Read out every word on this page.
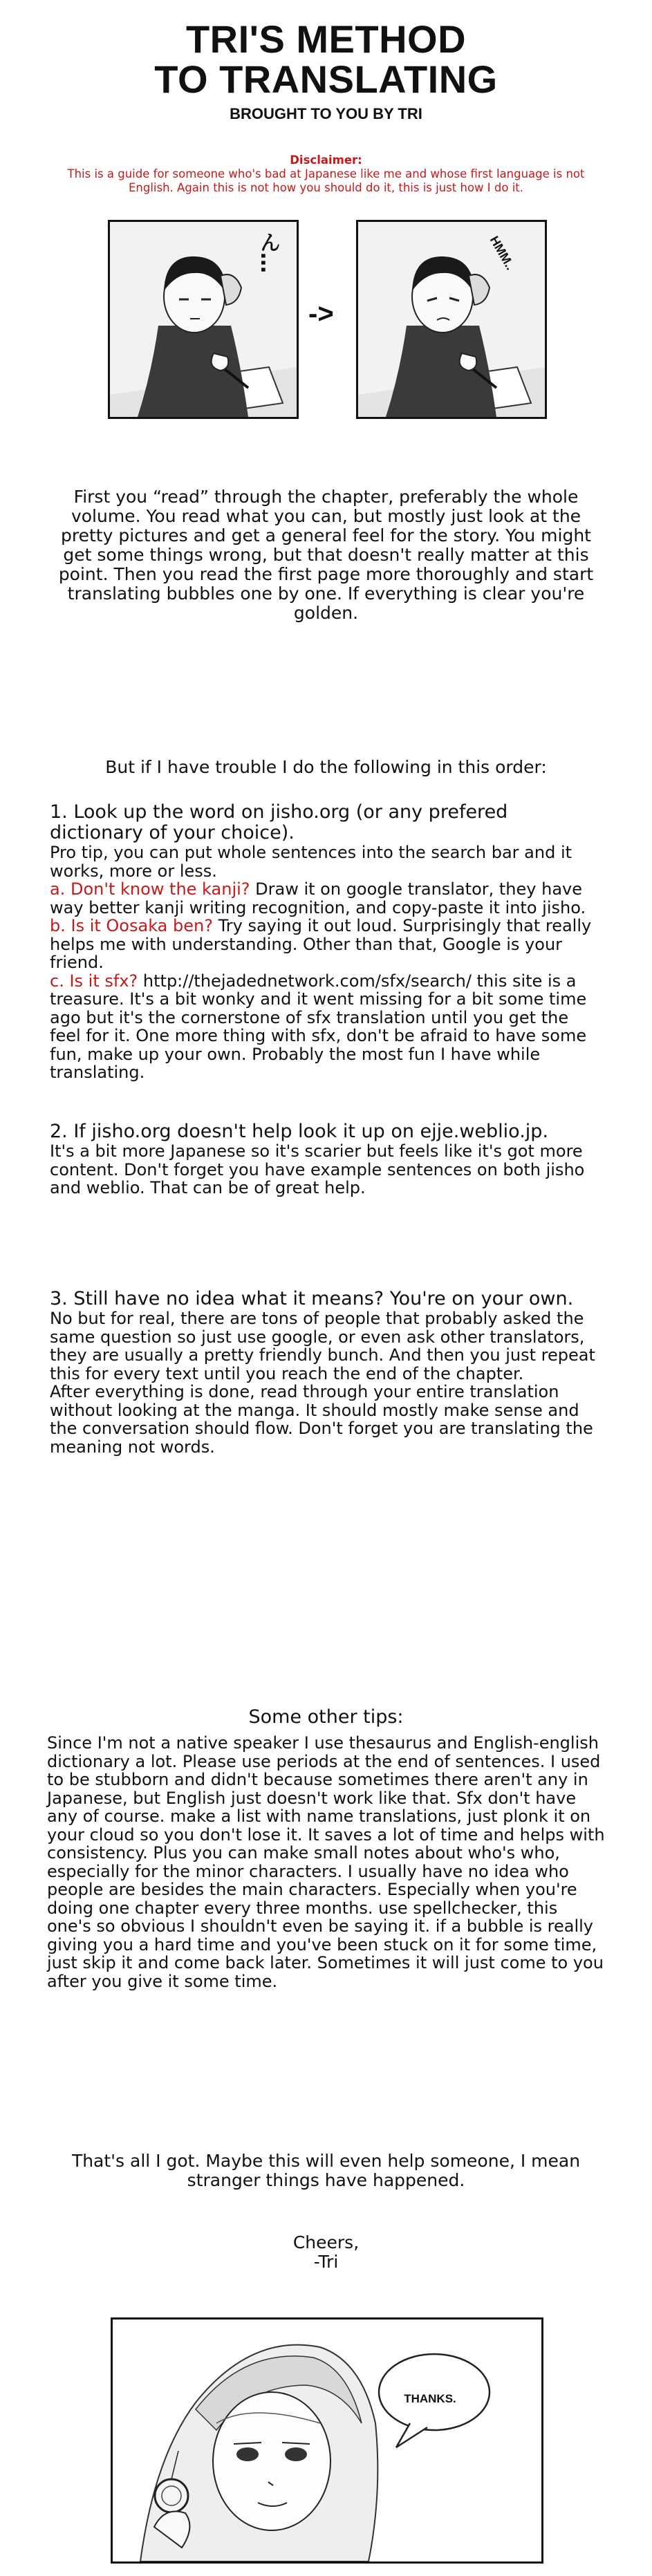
TRI'S METHOD
TO TRANSLATING
BROUGHT TO YOU BY TRI
Disclaimer:
This is a guide for someone who's bad at Japanese like me and whose first language is not English. Again this is not how you should do it, this is just how I do it.
ん…
->
HMM..
First you “read” through the chapter, preferably the whole volume. You read what you can, but mostly just look at the pretty pictures and get a general feel for the story. You might get some things wrong, but that doesn't really matter at this point. Then you read the first page more thoroughly and start translating bubbles one by one. If everything is clear you're golden.
But if I have trouble I do the following in this order:
1. Look up the word on jisho.org (or any prefered dictionary of your choice).
Pro tip, you can put whole sentences into the search bar and it works, more or less.
a. Don't know the kanji? Draw it on google translator, they have way better kanji writing recognition, and copy-paste it into jisho.
b. Is it Oosaka ben? Try saying it out loud. Surprisingly that really helps me with understanding. Other than that, Google is your friend.
c. Is it sfx? http://thejadednetwork.com/sfx/search/ this site is a treasure. It's a bit wonky and it went missing for a bit some time ago but it's the cornerstone of sfx translation until you get the feel for it. One more thing with sfx, don't be afraid to have some fun, make up your own. Probably the most fun I have while translating.
2. If jisho.org doesn't help look it up on ejje.weblio.jp.
It's a bit more Japanese so it's scarier but feels like it's got more content. Don't forget you have example sentences on both jisho and weblio. That can be of great help.
3. Still have no idea what it means? You're on your own.
No but for real, there are tons of people that probably asked the same question so just use google, or even ask other translators, they are usually a pretty friendly bunch. And then you just repeat this for every text until you reach the end of the chapter.
After everything is done, read through your entire translation without looking at the manga. It should mostly make sense and the conversation should flow. Don't forget you are translating the meaning not words.
Some other tips:
Since I'm not a native speaker I use thesaurus and English-english dictionary a lot. Please use periods at the end of sentences. I used to be stubborn and didn't because sometimes there aren't any in Japanese, but English just doesn't work like that. Sfx don't have any of course. make a list with name translations, just plonk it on your cloud so you don't lose it. It saves a lot of time and helps with consistency. Plus you can make small notes about who's who, especially for the minor characters. I usually have no idea who people are besides the main characters. Especially when you're doing one chapter every three months. use spellchecker, this one's so obvious I shouldn't even be saying it. if a bubble is really giving you a hard time and you've been stuck on it for some time, just skip it and come back later. Sometimes it will just come to you after you give it some time.
That's all I got. Maybe this will even help someone, I mean stranger things have happened.
Cheers,
-Tri
THANKS.
